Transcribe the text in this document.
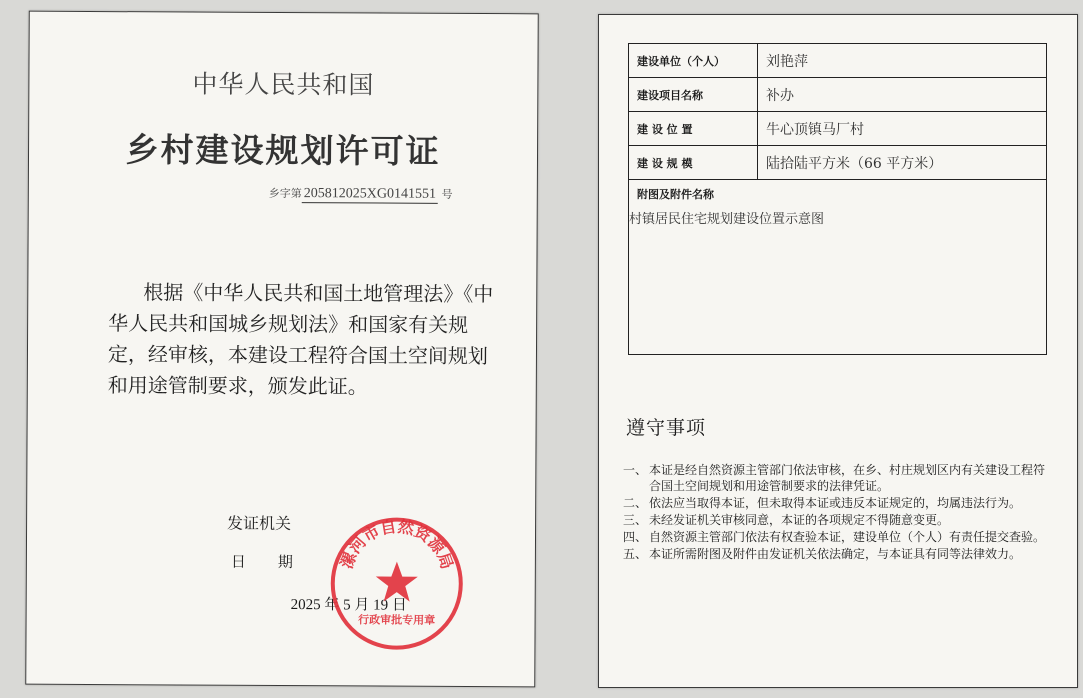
中华人民共和国
乡村建设规划许可证
乡字第 205812025XG0141551 号

根据《中华人民共和国土地管理法》《中华人民共和国城乡规划法》和国家有关规定，经审核，本建设工程符合国土空间规划和用途管制要求，颁发此证。

发证机关
日 期
2025 年 5 月 19 日
漯河市自然资源局
行政审批专用章
建设单位（个人）	刘艳萍
建设项目名称	补办
建 设 位 置	牛心顶镇马厂村
建 设 规 模	陆拾陆平方米（66 平方米）

附图及附件名称
村镇居民住宅规划建设位置示意图	
遵守事项
一、 本证是经自然资源主管部门依法审核，在乡、村庄规划区内有关建设工程符合国土空间规划和用途管制要求的法律凭证。
二、 依法应当取得本证，但未取得本证或违反本证规定的，均属违法行为。
三、 未经发证机关审核同意，本证的各项规定不得随意变更。
四、 自然资源主管部门依法有权查验本证，建设单位（个人）有责任提交查验。
五、 本证所需附图及附件由发证机关依法确定，与本证具有同等法律效力。
